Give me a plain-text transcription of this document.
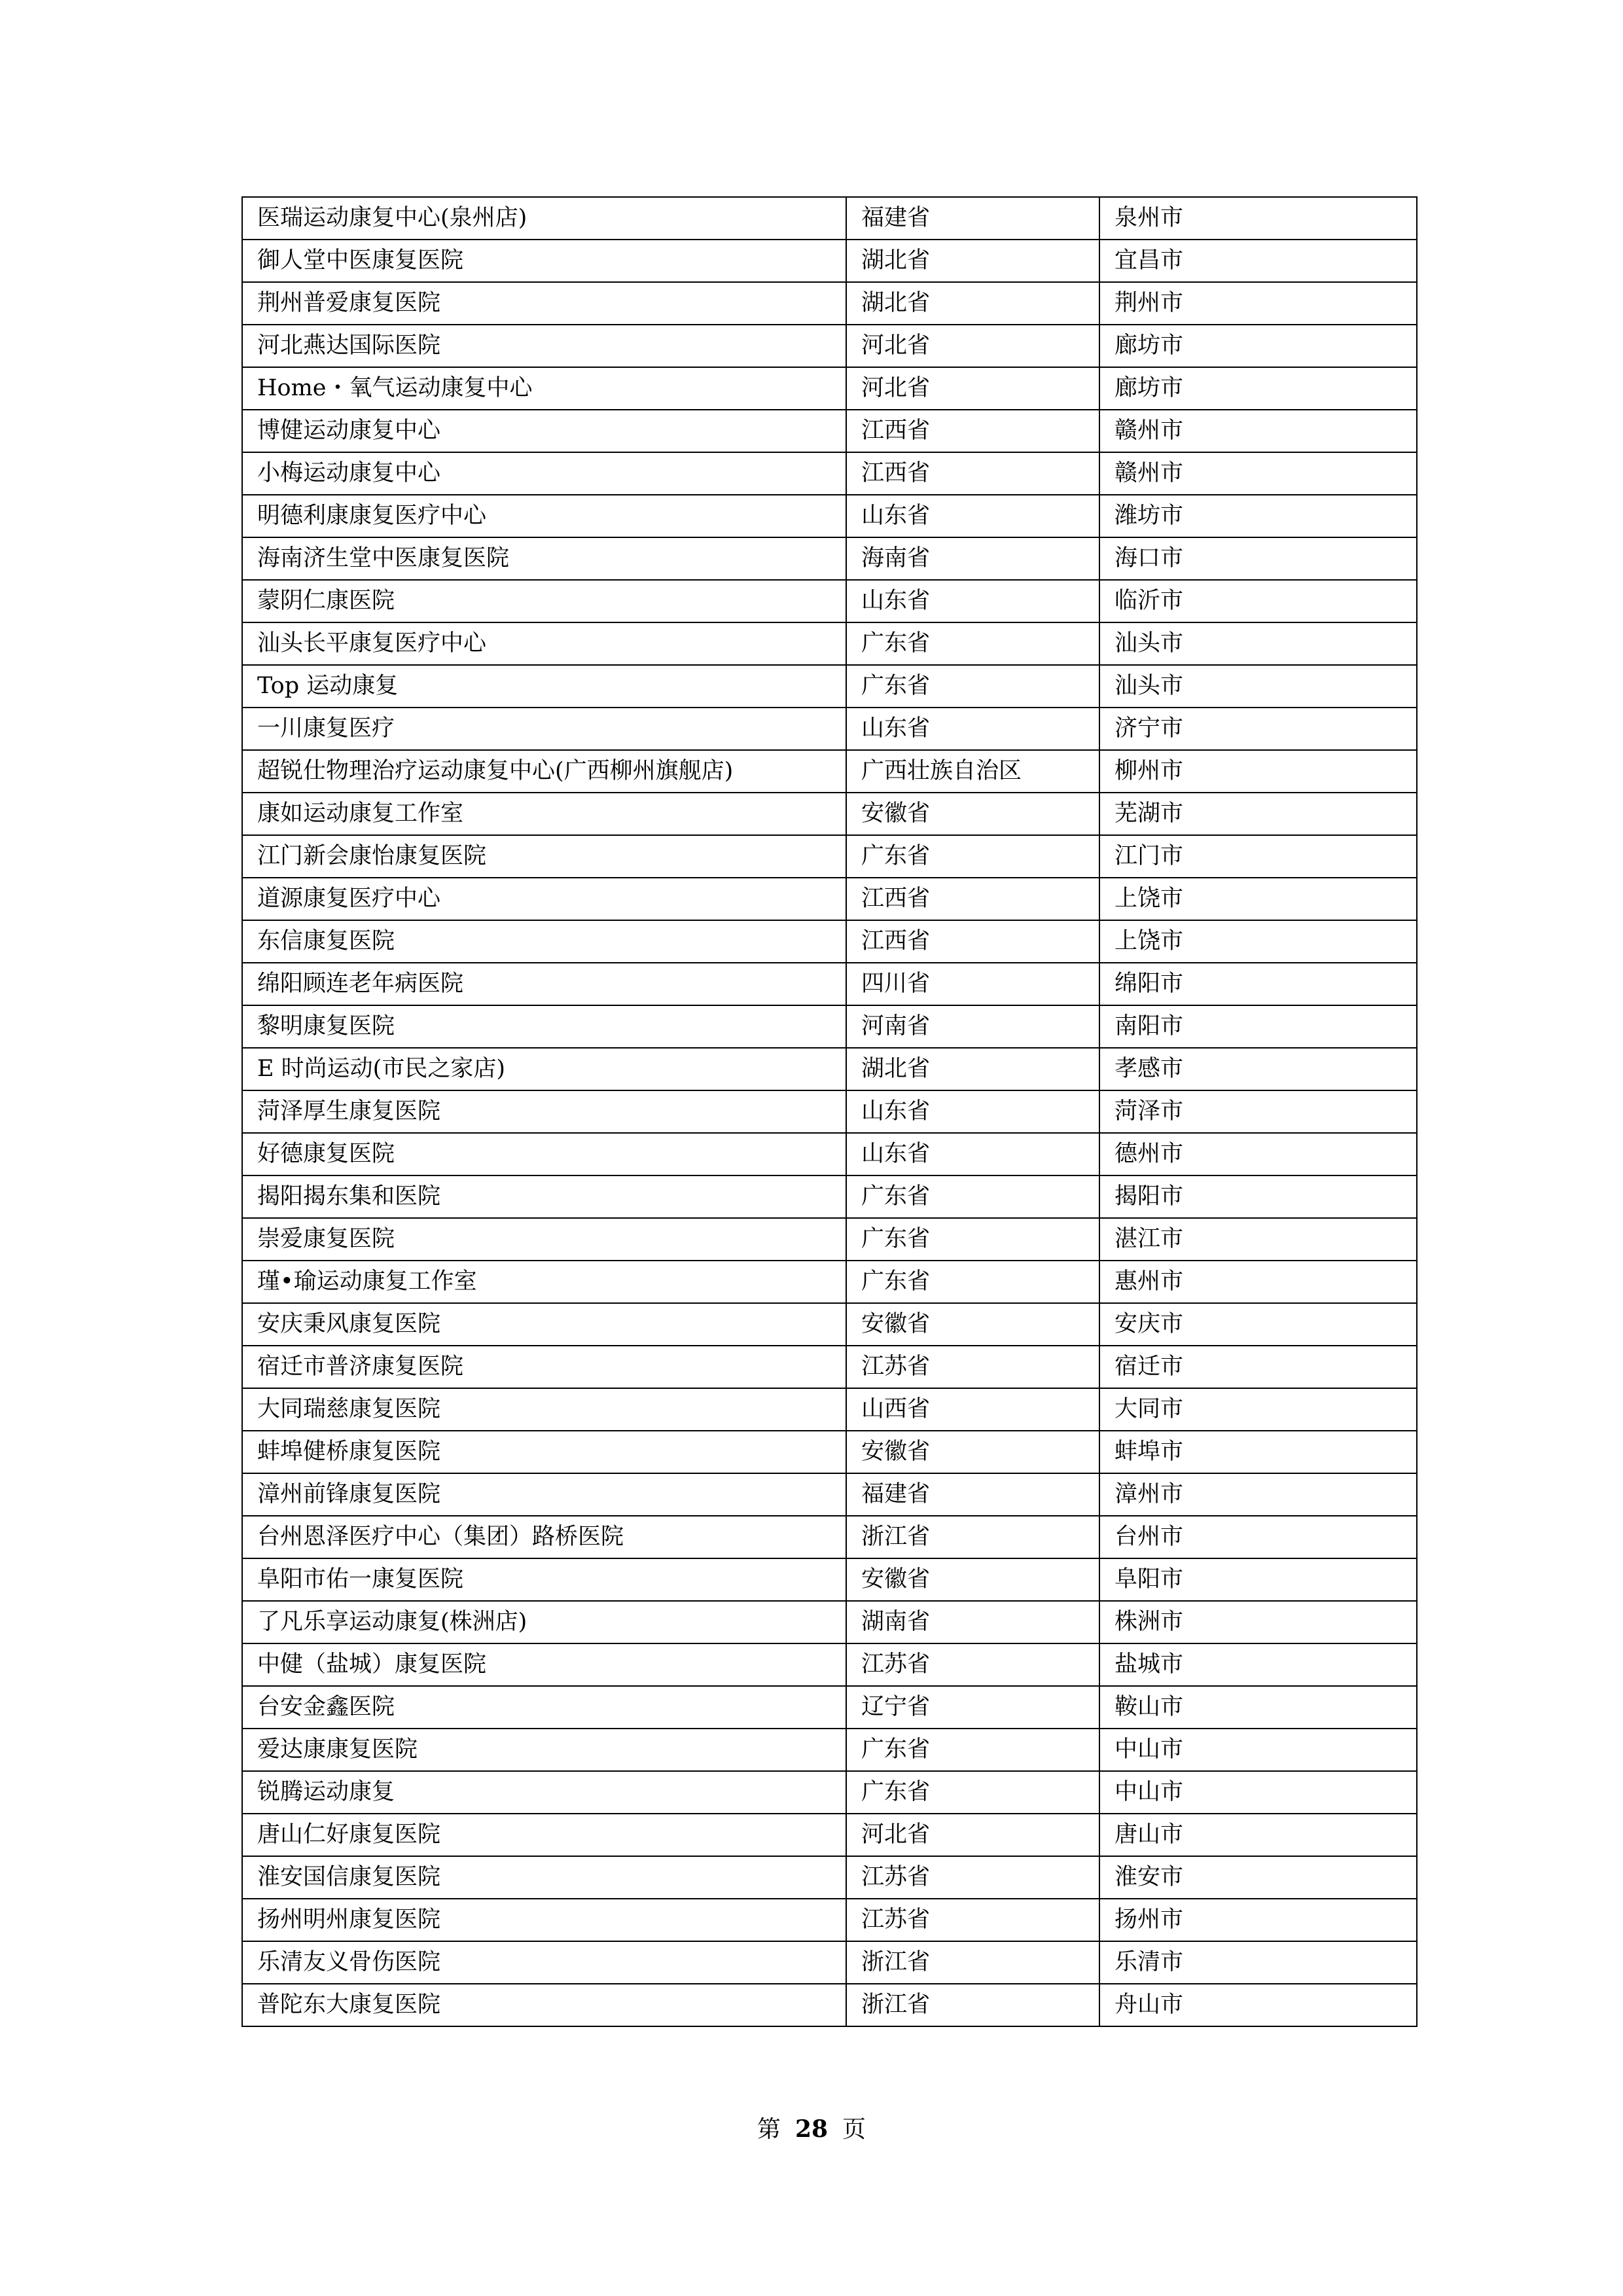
医瑞运动康复中心(泉州店)	福建省	泉州市
御人堂中医康复医院	湖北省	宜昌市
荆州普爱康复医院	湖北省	荆州市
河北燕达国际医院	河北省	廊坊市
Home・氧气运动康复中心	河北省	廊坊市
博健运动康复中心	江西省	赣州市
小梅运动康复中心	江西省	赣州市
明德利康康复医疗中心	山东省	潍坊市
海南济生堂中医康复医院	海南省	海口市
蒙阴仁康医院	山东省	临沂市
汕头长平康复医疗中心	广东省	汕头市
Top 运动康复	广东省	汕头市
一川康复医疗	山东省	济宁市
超锐仕物理治疗运动康复中心(广西柳州旗舰店)	广西壮族自治区	柳州市
康如运动康复工作室	安徽省	芜湖市
江门新会康怡康复医院	广东省	江门市
道源康复医疗中心	江西省	上饶市
东信康复医院	江西省	上饶市
绵阳顾连老年病医院	四川省	绵阳市
黎明康复医院	河南省	南阳市
E 时尚运动(市民之家店)	湖北省	孝感市
菏泽厚生康复医院	山东省	菏泽市
好德康复医院	山东省	德州市
揭阳揭东集和医院	广东省	揭阳市
崇爱康复医院	广东省	湛江市
瑾•瑜运动康复工作室	广东省	惠州市
安庆秉风康复医院	安徽省	安庆市
宿迁市普济康复医院	江苏省	宿迁市
大同瑞慈康复医院	山西省	大同市
蚌埠健桥康复医院	安徽省	蚌埠市
漳州前锋康复医院	福建省	漳州市
台州恩泽医疗中心（集团）路桥医院	浙江省	台州市
阜阳市佑一康复医院	安徽省	阜阳市
了凡乐享运动康复(株洲店)	湖南省	株洲市
中健（盐城）康复医院	江苏省	盐城市
台安金鑫医院	辽宁省	鞍山市
爱达康康复医院	广东省	中山市
锐腾运动康复	广东省	中山市
唐山仁好康复医院	河北省	唐山市
淮安国信康复医院	江苏省	淮安市
扬州明州康复医院	江苏省	扬州市
乐清友义骨伤医院	浙江省	乐清市
普陀东大康复医院	浙江省	舟山市
第 28 页
